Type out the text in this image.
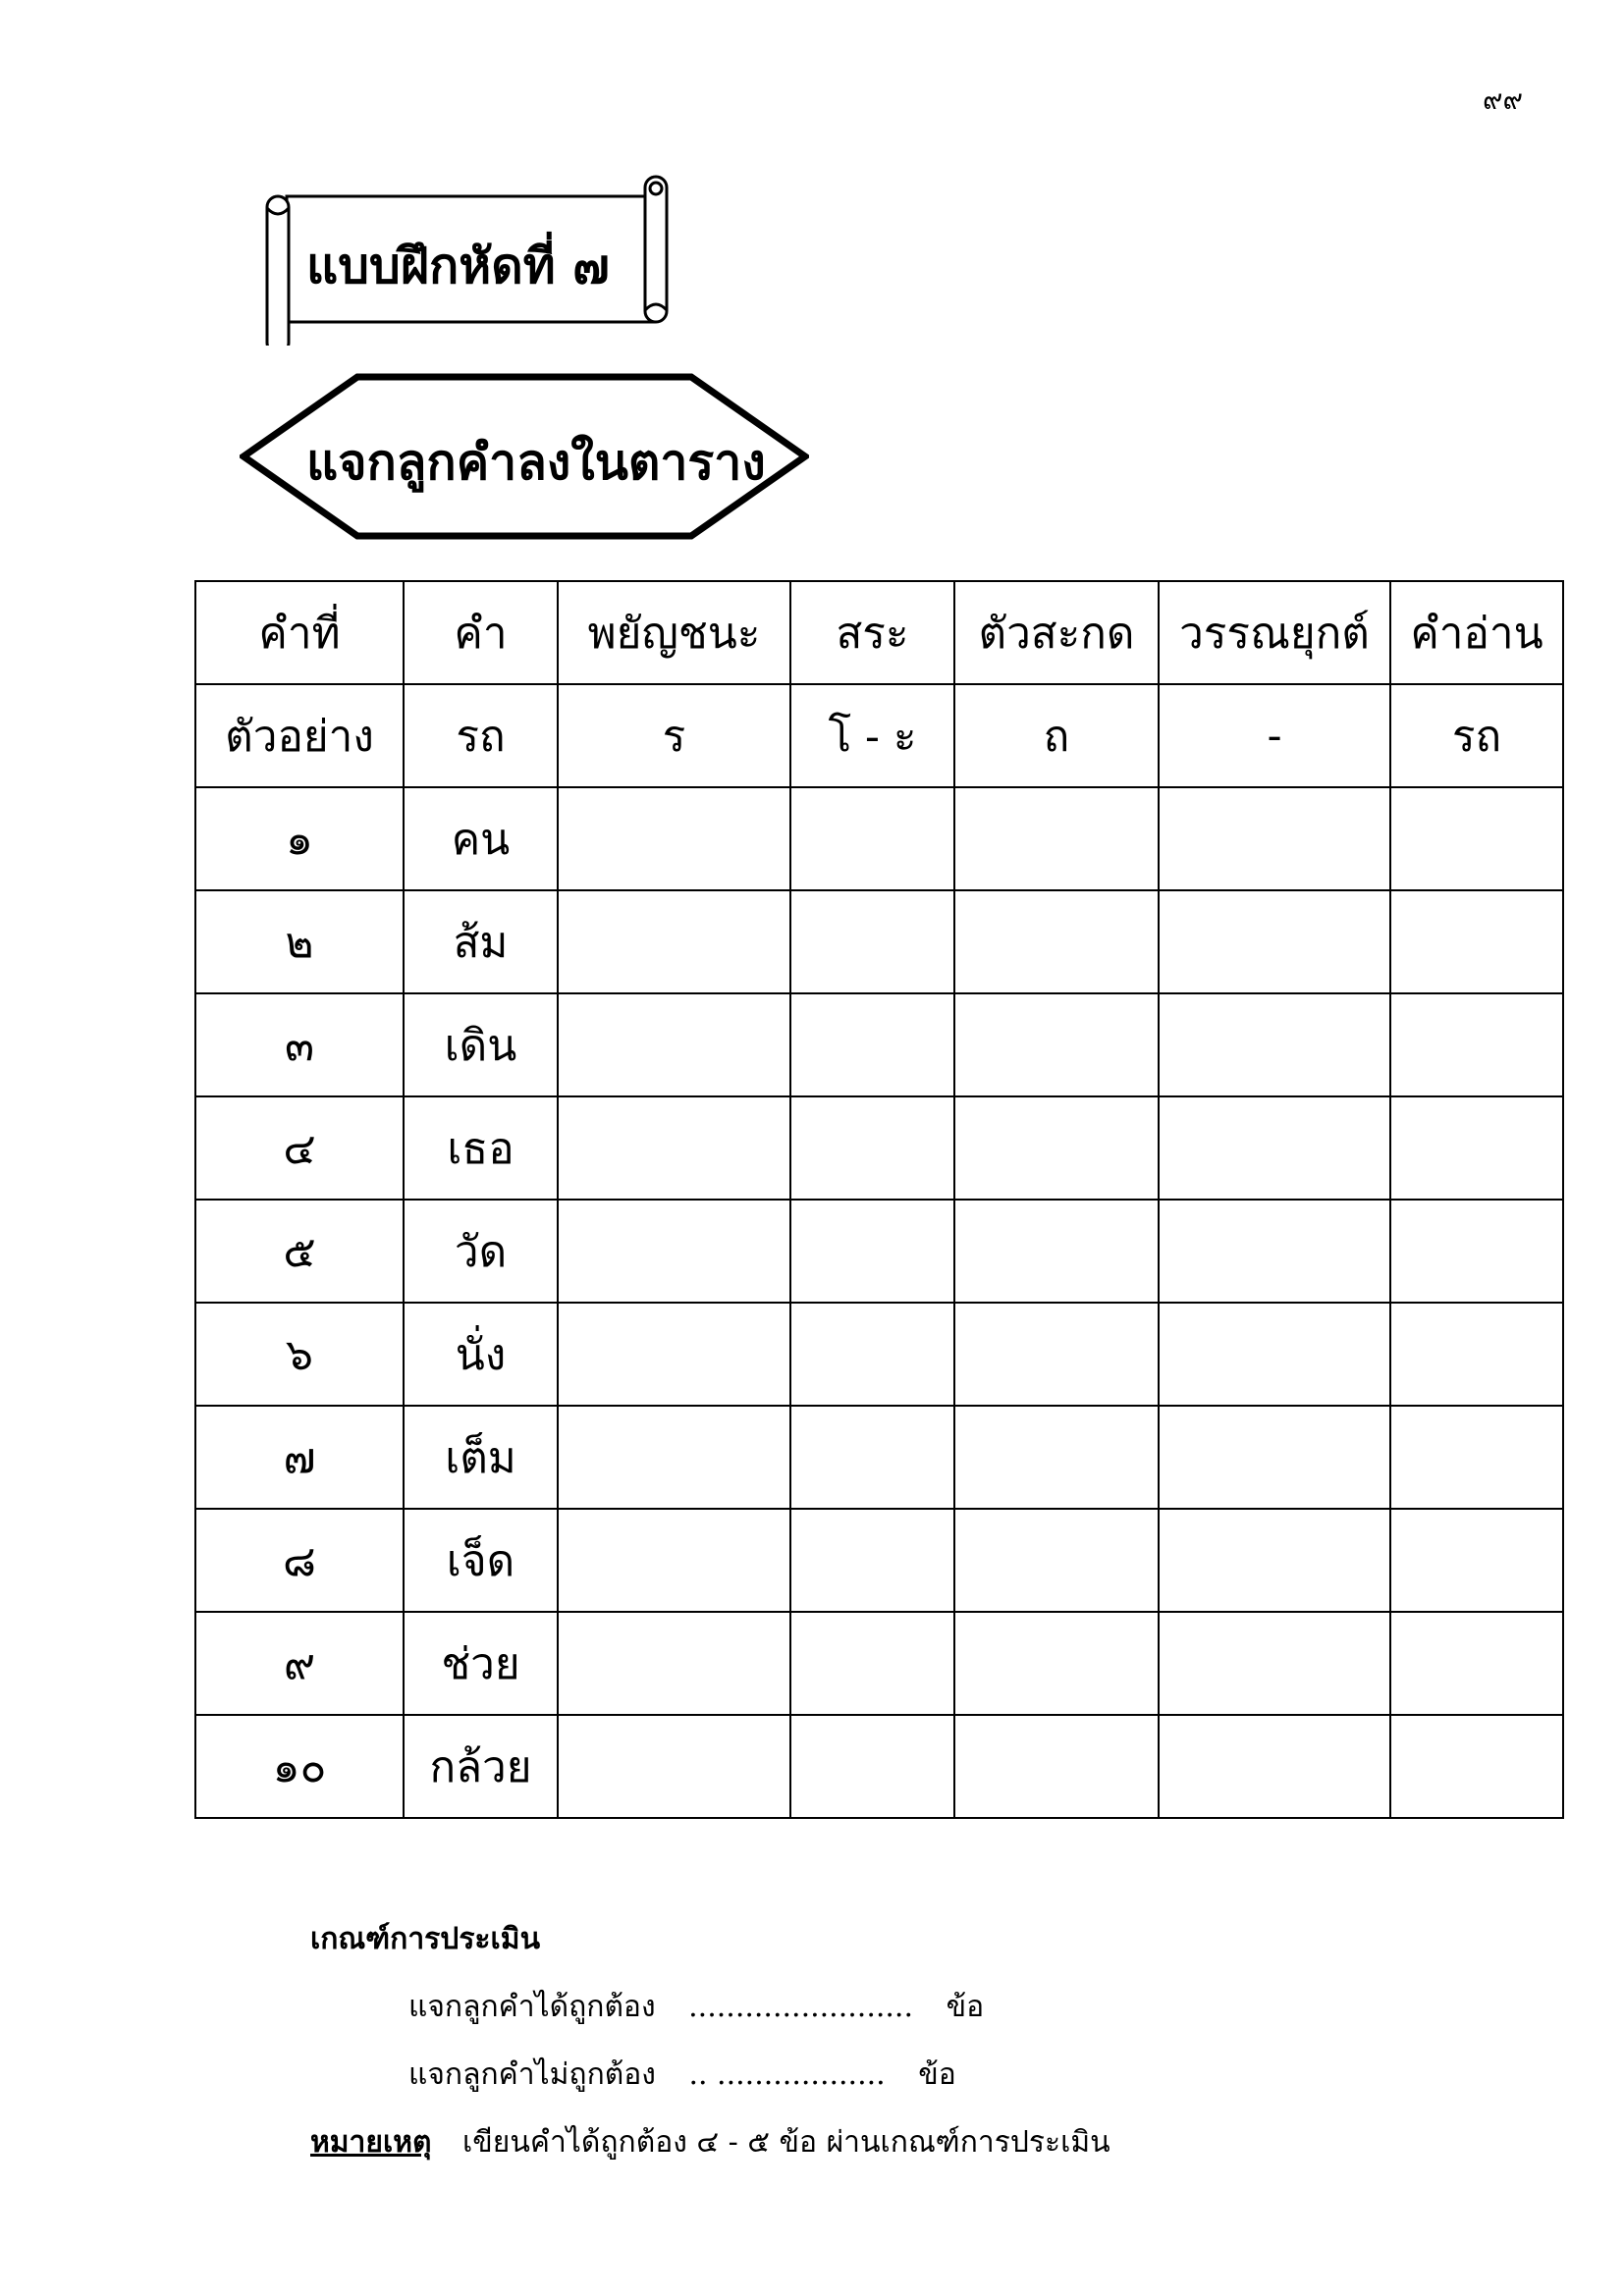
๙๙
แบบฝึกหัดที่ ๗
แจกลูกคำลงในตาราง
คำที่	คำ	พยัญชนะ	สระ	ตัวสะกด	วรรณยุกต์	คำอ่าน
ตัวอย่าง	รถ	ร	โ - ะ	ถ	-	รถ
๑	คน					
๒	ส้ม					
๓	เดิน					
๔	เธอ					
๕	วัด					
๖	นั่ง					
๗	เต็ม					
๘	เจ็ด					
๙	ช่วย					
๑๐	กล้วย					
เกณฑ์การประเมิน
แจกลูกคำได้ถูกต้อง ........................ ข้อ
แจกลูกคำไม่ถูกต้อง .. .................. ข้อ
หมายเหตุ เขียนคำได้ถูกต้อง ๔ - ๕ ข้อ ผ่านเกณฑ์การประเมิน
